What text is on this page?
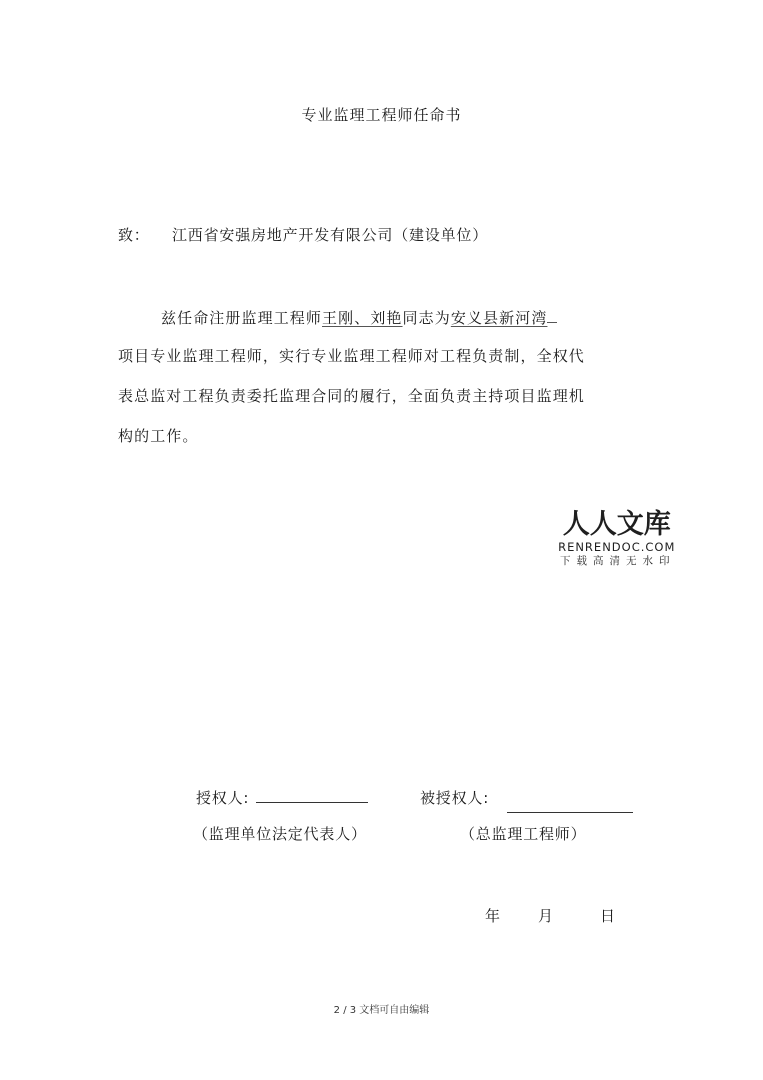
专业监理工程师任命书
致： 江西省安强房地产开发有限公司（建设单位）
兹任命注册监理工程师王刚、刘艳同志为安义县新河湾
项目专业监理工程师，实行专业监理工程师对工程负责制，全权代
表总监对工程负责委托监理合同的履行，全面负责主持项目监理机
构的工作。
人人文库
RENRENDOC.COM
下载高清无水印
授权人:	被授权人:
（监理单位法定代表人）	（总监理工程师）
年	月	日
2 / 3 文档可自由编辑
